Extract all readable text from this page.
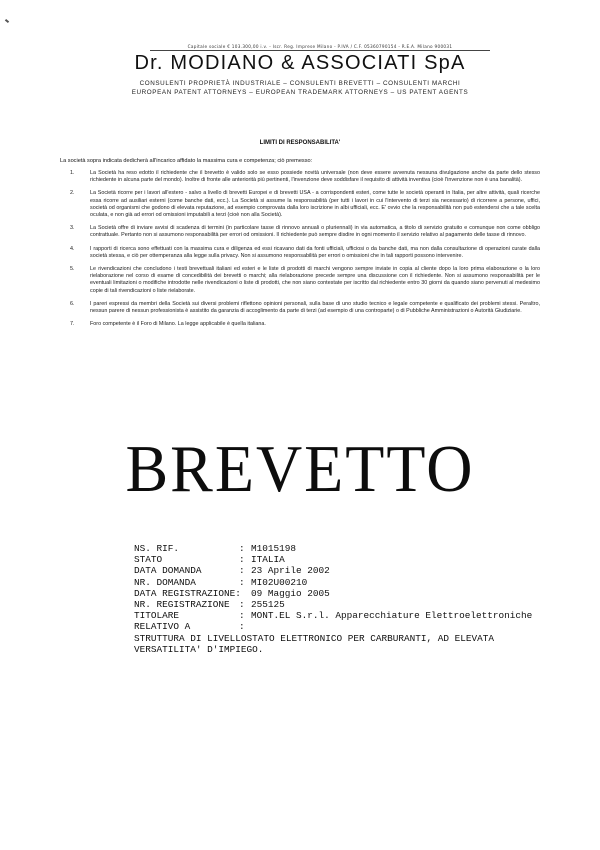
Capitale sociale € 103.300,00 i.v. - Iscr. Reg. Imprese Milano - P.IVA / C.F. 05360790154 - R.E.A. Milano 900031
Dr. MODIANO & ASSOCIATI SpA
CONSULENTI PROPRIETÀ INDUSTRIALE – CONSULENTI BREVETTI – CONSULENTI MARCHI
EUROPEAN PATENT ATTORNEYS – EUROPEAN TRADEMARK ATTORNEYS – US PATENT AGENTS
LIMITI DI RESPONSABILITA'
La società sopra indicata dedicherà all'incarico affidato la massima cura e competenza; ciò premesso:
1.	La Società ha reso edotto il richiedente che il brevetto è valido solo se esso possiede novità universale (non deve essere avvenuta nessuna divulgazione anche da parte dello stesso richiedente in alcuna parte del mondo). Inoltre di fronte alle anteriorità più pertinenti, l'invenzione deve soddisfare il requisito di attività inventiva (cioè l'invenzione non è una banalità).
2.	La Società ricorre per i lavori all'estero - salvo a livello di brevetti Europei e di brevetti USA - a corrispondenti esteri, come tutte le società operanti in Italia, per altre attività, quali ricerche essa ricorre ad ausiliari esterni (come banche dati, ecc.). La Società si assume la responsabilità (per tutti i lavori in cui l'intervento di terzi sia necessario) di ricorrere a persone, uffici, società od organismi che godono di elevata reputazione, ad esempio comprovata dalla loro iscrizione in albi ufficiali, ecc. E' ovvio che la responsabilità non può estendersi che a tale scelta oculata, e non già ad errori od omissioni imputabili a terzi (cioè non alla Società).
3.	La Società offre di inviare avvisi di scadenza di termini (in particolare tasse di rinnovo annuali o pluriennali) in via automatica, a titolo di servizio gratuito e comunque non come obbligo contrattuale. Pertanto non si assumono responsabilità per errori od omissioni. Il richiedente può sempre disdire in ogni momento il servizio relativo al pagamento delle tasse di rinnovo.
4.	I rapporti di ricerca sono effettuati con la massima cura e diligenza ed essi ricavano dati da fonti ufficiali, ufficiosi o da banche dati, ma non dalla consultazione di operazioni curate dalla società stessa, e ciò per ottemperanza alla legge sulla privacy. Non si assumono responsabilità per errori o omissioni che in tali rapporti possono intervenire.
5.	Le rivendicazioni che concludono i testi brevettuali italiani ed esteri e le liste di prodotti di marchi vengono sempre inviate in copia al cliente dopo la loro prima elaborazione o la loro rielaborazione nel corso di esame di concedibilità dei brevetti o marchi; alla rielaborazione precede sempre una discussione con il richiedente. Non si assumono responsabilità per le eventuali limitazioni o modifiche introdotte nelle rivendicazioni o liste di prodotti, che non siano contestate per iscritto dal richiedente entro 30 giorni da quando siano pervenuti al medesimo copie di tali rivendicazioni o liste rielaborate.
6.	I pareri espressi da membri della Società sui diversi problemi riflettono opinioni personali, sulla base di uno studio tecnico e legale competente e qualificato dei problemi stessi. Peraltro, nessun parere di nessun professionista è assistito da garanzia di accoglimento da parte di terzi (ad esempio di una controparte) o di Pubbliche Amministrazioni o Autorità Giudiziarie.
7.	Foro competente è il Foro di Milano. La legge applicabile è quella italiana.
BREVETTO
NS. RIF.	: M1015198
STATO	: ITALIA
DATA DOMANDA	: 23 Aprile 2002
NR. DOMANDA	: MI02U00210
DATA REGISTRAZIONE:	09 Maggio 2005
NR. REGISTRAZIONE : 255125
TITOLARE	: MONT.EL S.r.l. Apparecchiature Elettroelettroniche
RELATIVO A	:
STRUTTURA DI LIVELLOSTATO ELETTRONICO PER CARBURANTI, AD ELEVATA VERSATILITA' D'IMPIEGO.
